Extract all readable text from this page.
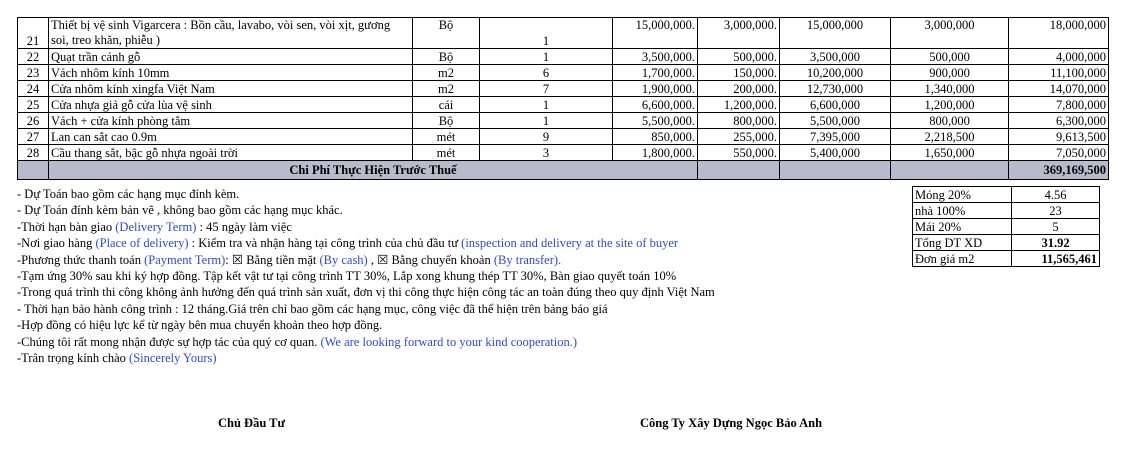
21	Thiết bị vệ sinh Vigarcera : Bồn cầu, lavabo, vòi sen, vòi xịt, gương soi, treo khăn, phiễu )	Bộ	1	15,000,000.	3,000,000.	15,000,000	3,000,000	18,000,000
22	Quạt trần cánh gỗ	Bộ	1	3,500,000.	500,000.	3,500,000	500,000	4,000,000
23	Vách nhôm kính 10mm	m2	6	1,700,000.	150,000.	10,200,000	900,000	11,100,000
24	Cửa nhôm kính xingfa Việt Nam	m2	7	1,900,000.	200,000.	12,730,000	1,340,000	14,070,000
25	Cửa nhựa giả gỗ cửa lùa vệ sinh	cái	1	6,600,000.	1,200,000.	6,600,000	1,200,000	7,800,000
26	Vách + cửa kính phòng tắm	Bộ	1	5,500,000.	800,000.	5,500,000	800,000	6,300,000
27	Lan can sắt cao 0.9m	mét	9	850,000.	255,000.	7,395,000	2,218,500	9,613,500
28	Cầu thang sắt, bậc gỗ nhựa ngoài trời	mét	3	1,800,000.	550,000.	5,400,000	1,650,000	7,050,000
	Chi Phí Thực Hiện Trước Thuế							369,169,500
- Dự Toán bao gồm các hạng mục đính kèm.
- Dự Toán đính kèm bản vẽ , không bao gồm các hạng mục khác.
-Thời hạn bàn giao (Delivery Term) : 45 ngày làm việc
-Nơi giao hàng (Place of delivery) : Kiểm tra và nhận hàng tại công trình của chủ đầu tư (inspection and delivery at the site of buyer
-Phương thức thanh toán (Payment Term): ☒ Bằng tiền mặt (By cash) , ☒ Bằng chuyển khoản (By transfer).
-Tạm ứng 30% sau khi ký hợp đồng. Tập kết vật tư tại công trình TT 30%, Lắp xong khung thép TT 30%, Bàn giao quyết toán 10%
-Trong quá trình thi công không ảnh hưởng đến quá trình sản xuất, đơn vị thi công thực hiện công tác an toàn đúng theo quy định Việt Nam
- Thời hạn bảo hành công trình : 12 tháng.Giá trên chỉ bao gồm các hạng mục, công việc đã thể hiện trên bảng báo giá
-Hợp đồng có hiệu lực kể từ ngày bên mua chuyển khoản theo hợp đồng.
-Chúng tôi rất mong nhận được sự hợp tác của quý cơ quan. (We are looking forward to your kind cooperation.)
-Trân trọng kính chào (Sincerely Yours)
Móng 20%	4.56
nhà 100%	23
Mái 20%	5
Tổng DT XD	31.92
Đơn giá m2	11,565,461
Chủ Đầu Tư	Công Ty Xây Dựng Ngọc Bảo Anh
